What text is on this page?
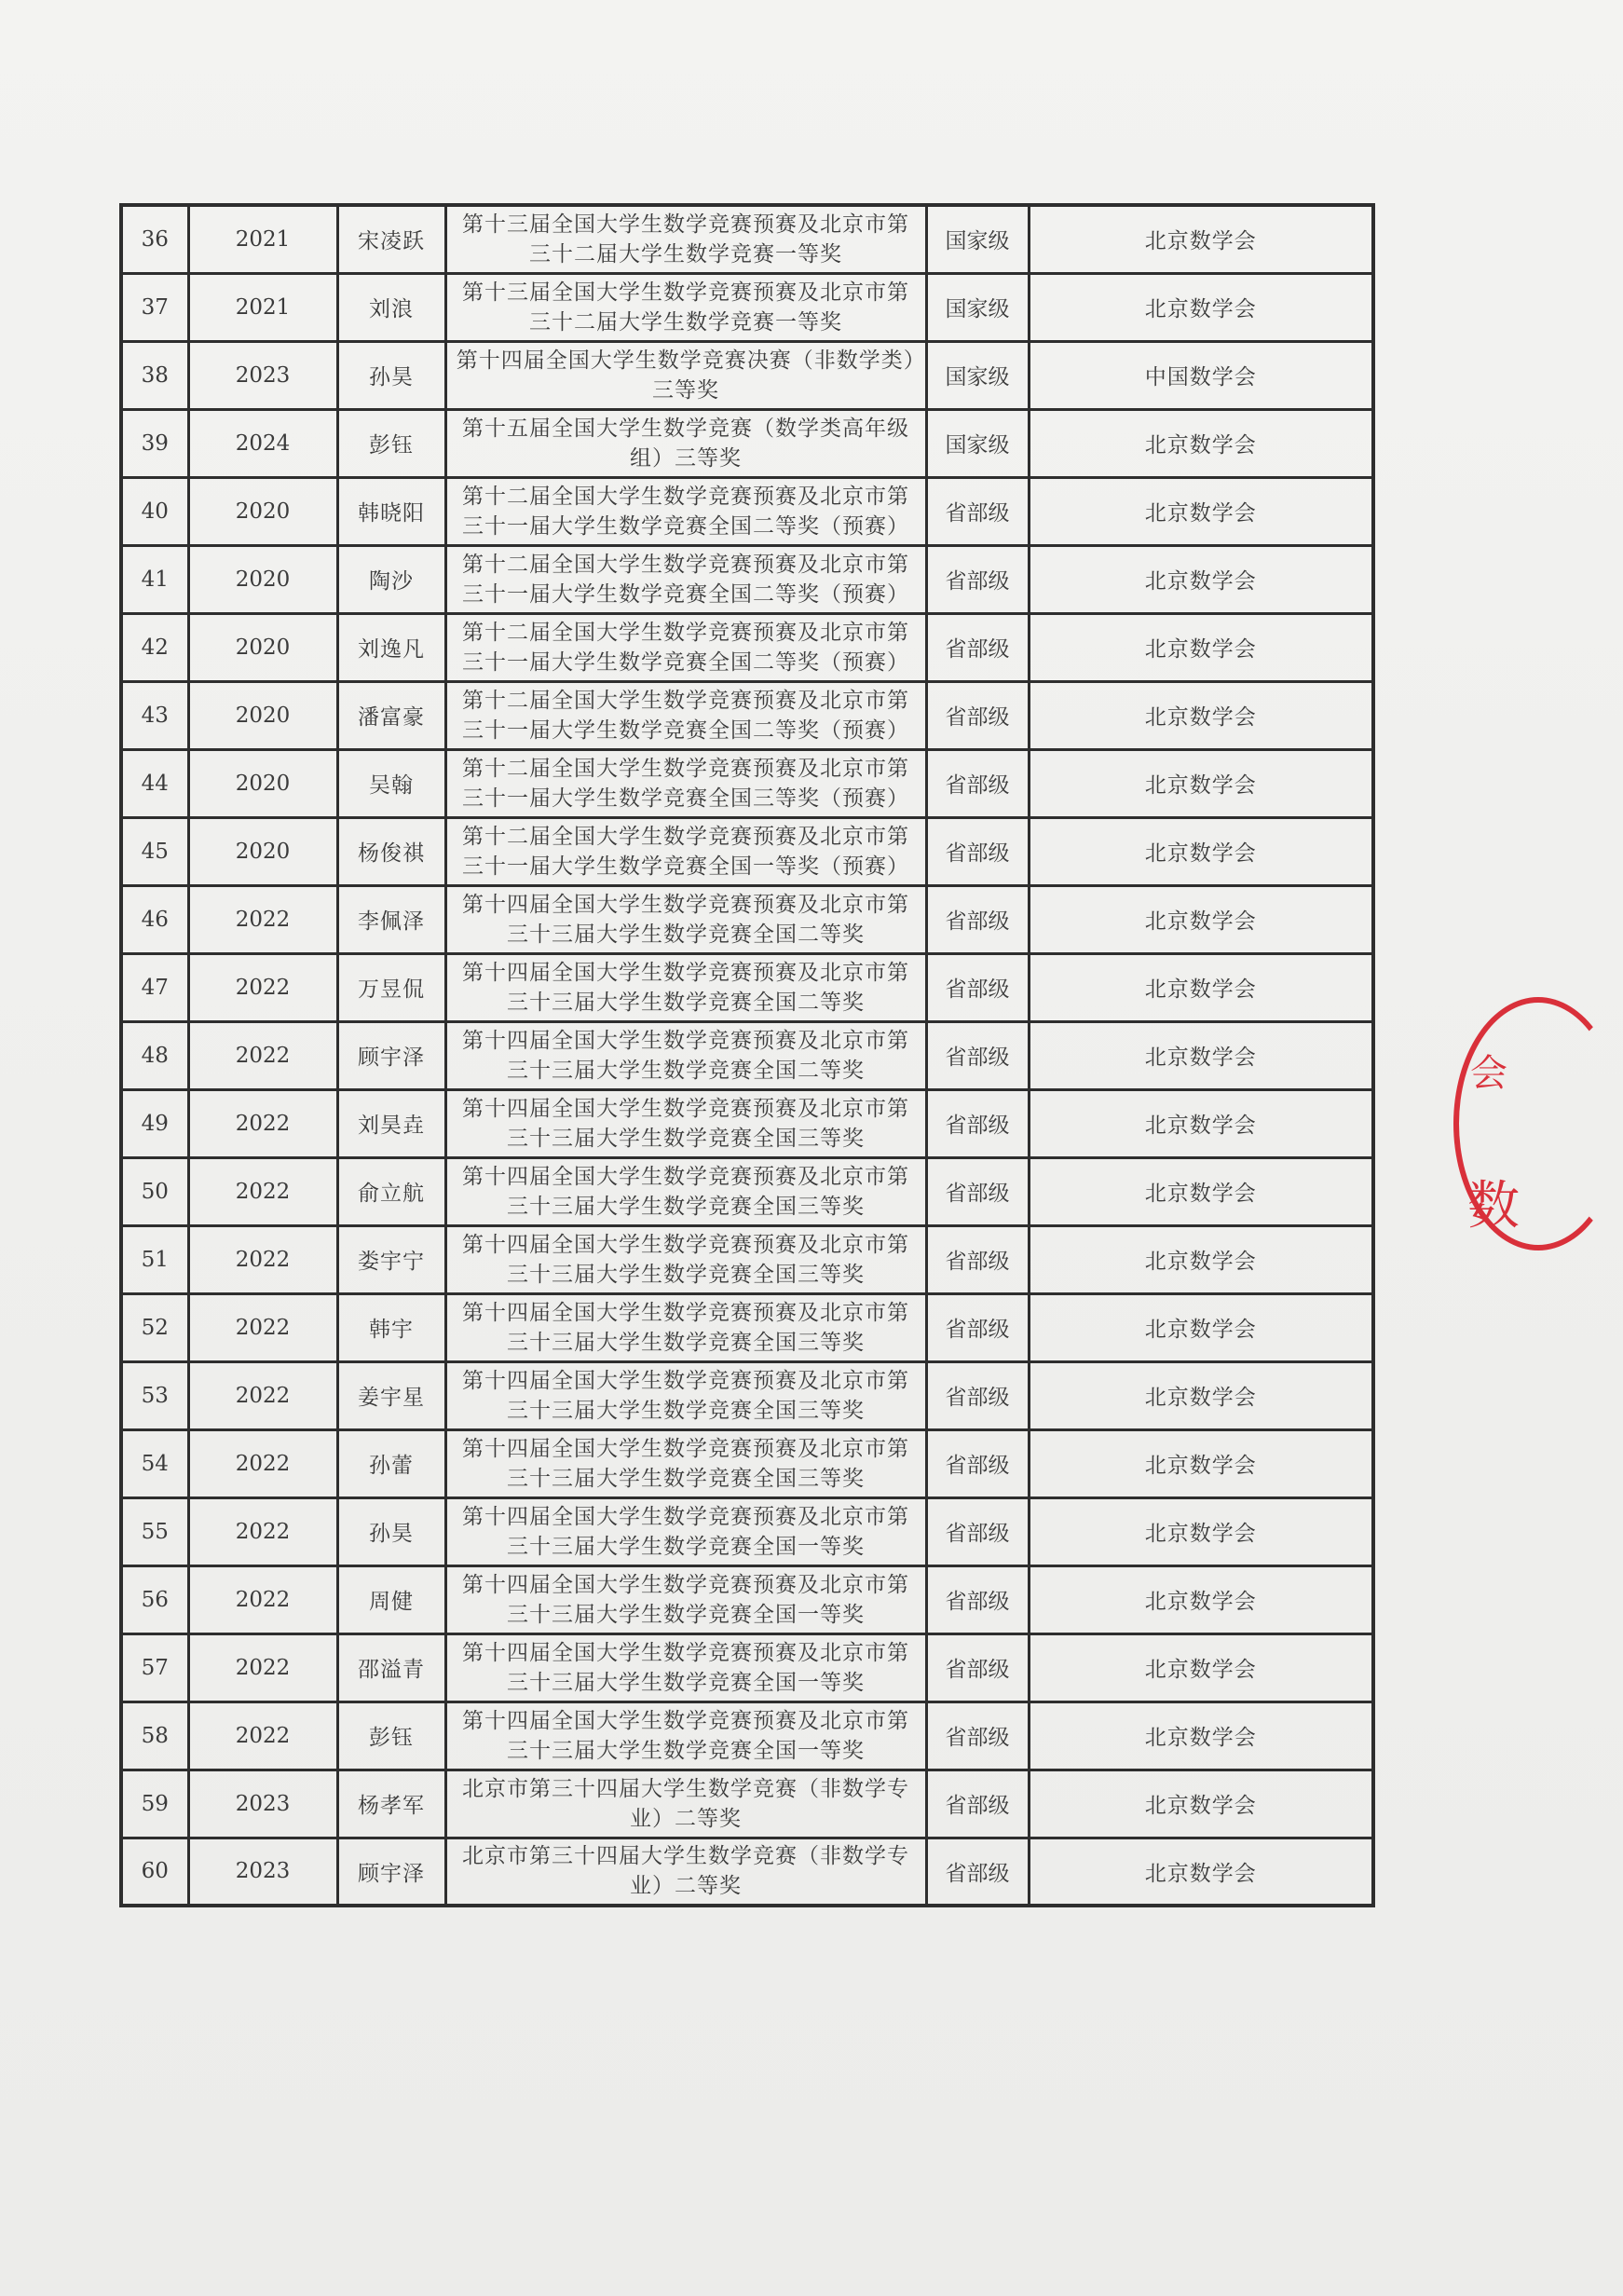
36	2021	宋凌跃	第十三届全国大学生数学竞赛预赛及北京市第三十二届大学生数学竞赛一等奖	国家级	北京数学会
37	2021	刘浪	第十三届全国大学生数学竞赛预赛及北京市第三十二届大学生数学竞赛一等奖	国家级	北京数学会
38	2023	孙昊	第十四届全国大学生数学竞赛决赛（非数学类）三等奖	国家级	中国数学会
39	2024	彭钰	第十五届全国大学生数学竞赛（数学类高年级组）三等奖	国家级	北京数学会
40	2020	韩晓阳	第十二届全国大学生数学竞赛预赛及北京市第三十一届大学生数学竞赛全国二等奖（预赛）	省部级	北京数学会
41	2020	陶沙	第十二届全国大学生数学竞赛预赛及北京市第三十一届大学生数学竞赛全国二等奖（预赛）	省部级	北京数学会
42	2020	刘逸凡	第十二届全国大学生数学竞赛预赛及北京市第三十一届大学生数学竞赛全国二等奖（预赛）	省部级	北京数学会
43	2020	潘富豪	第十二届全国大学生数学竞赛预赛及北京市第三十一届大学生数学竞赛全国二等奖（预赛）	省部级	北京数学会
44	2020	吴翰	第十二届全国大学生数学竞赛预赛及北京市第三十一届大学生数学竞赛全国三等奖（预赛）	省部级	北京数学会
45	2020	杨俊祺	第十二届全国大学生数学竞赛预赛及北京市第三十一届大学生数学竞赛全国一等奖（预赛）	省部级	北京数学会
46	2022	李佩泽	第十四届全国大学生数学竞赛预赛及北京市第三十三届大学生数学竞赛全国二等奖	省部级	北京数学会
47	2022	万昱侃	第十四届全国大学生数学竞赛预赛及北京市第三十三届大学生数学竞赛全国二等奖	省部级	北京数学会
48	2022	顾宇泽	第十四届全国大学生数学竞赛预赛及北京市第三十三届大学生数学竞赛全国二等奖	省部级	北京数学会
49	2022	刘昊垚	第十四届全国大学生数学竞赛预赛及北京市第三十三届大学生数学竞赛全国三等奖	省部级	北京数学会
50	2022	俞立航	第十四届全国大学生数学竞赛预赛及北京市第三十三届大学生数学竞赛全国三等奖	省部级	北京数学会
51	2022	娄宇宁	第十四届全国大学生数学竞赛预赛及北京市第三十三届大学生数学竞赛全国三等奖	省部级	北京数学会
52	2022	韩宇	第十四届全国大学生数学竞赛预赛及北京市第三十三届大学生数学竞赛全国三等奖	省部级	北京数学会
53	2022	姜宇星	第十四届全国大学生数学竞赛预赛及北京市第三十三届大学生数学竞赛全国三等奖	省部级	北京数学会
54	2022	孙蕾	第十四届全国大学生数学竞赛预赛及北京市第三十三届大学生数学竞赛全国三等奖	省部级	北京数学会
55	2022	孙昊	第十四届全国大学生数学竞赛预赛及北京市第三十三届大学生数学竞赛全国一等奖	省部级	北京数学会
56	2022	周健	第十四届全国大学生数学竞赛预赛及北京市第三十三届大学生数学竞赛全国一等奖	省部级	北京数学会
57	2022	邵溢青	第十四届全国大学生数学竞赛预赛及北京市第三十三届大学生数学竞赛全国一等奖	省部级	北京数学会
58	2022	彭钰	第十四届全国大学生数学竞赛预赛及北京市第三十三届大学生数学竞赛全国一等奖	省部级	北京数学会
59	2023	杨孝军	北京市第三十四届大学生数学竞赛（非数学专业）二等奖	省部级	北京数学会
60	2023	顾宇泽	北京市第三十四届大学生数学竞赛（非数学专业）二等奖	省部级	北京数学会
会
数
